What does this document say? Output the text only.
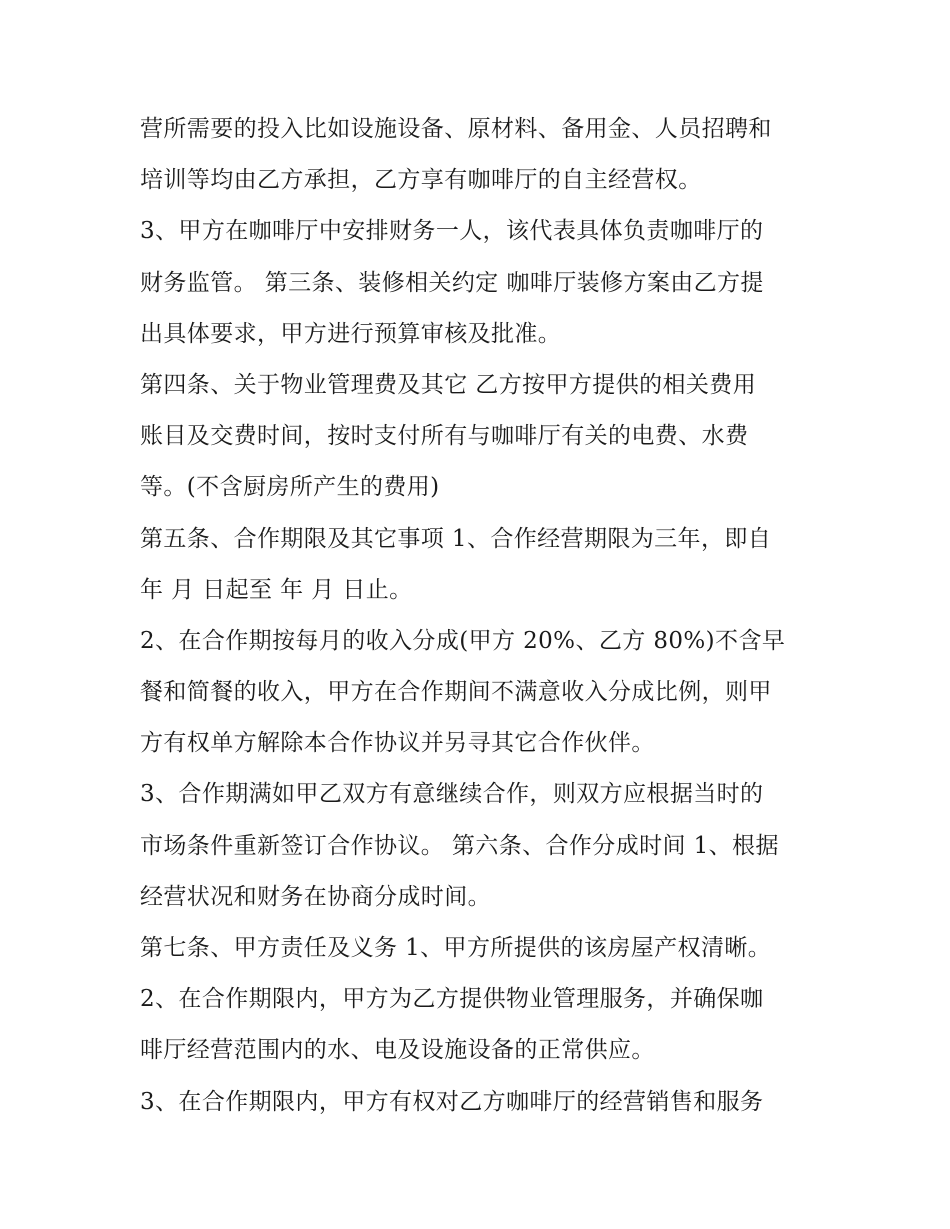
营所需要的投入比如设施设备、原材料、备用金、人员招聘和
培训等均由乙方承担，乙方享有咖啡厅的自主经营权。
3、甲方在咖啡厅中安排财务一人，该代表具体负责咖啡厅的
财务监管。 第三条、装修相关约定 咖啡厅装修方案由乙方提
出具体要求，甲方进行预算审核及批准。
第四条、关于物业管理费及其它 乙方按甲方提供的相关费用
账目及交费时间，按时支付所有与咖啡厅有关的电费、水费
等。(不含厨房所产生的费用)
第五条、合作期限及其它事项 1、合作经营期限为三年，即自
年 月 日起至 年 月 日止。
2、在合作期按每月的收入分成(甲方 20%、乙方 80%)不含早
餐和简餐的收入，甲方在合作期间不满意收入分成比例，则甲
方有权单方解除本合作协议并另寻其它合作伙伴。
3、合作期满如甲乙双方有意继续合作，则双方应根据当时的
市场条件重新签订合作协议。 第六条、合作分成时间 1、根据
经营状况和财务在协商分成时间。
第七条、甲方责任及义务 1、甲方所提供的该房屋产权清晰。
2、在合作期限内，甲方为乙方提供物业管理服务，并确保咖
啡厅经营范围内的水、电及设施设备的正常供应。
3、在合作期限内，甲方有权对乙方咖啡厅的经营销售和服务
